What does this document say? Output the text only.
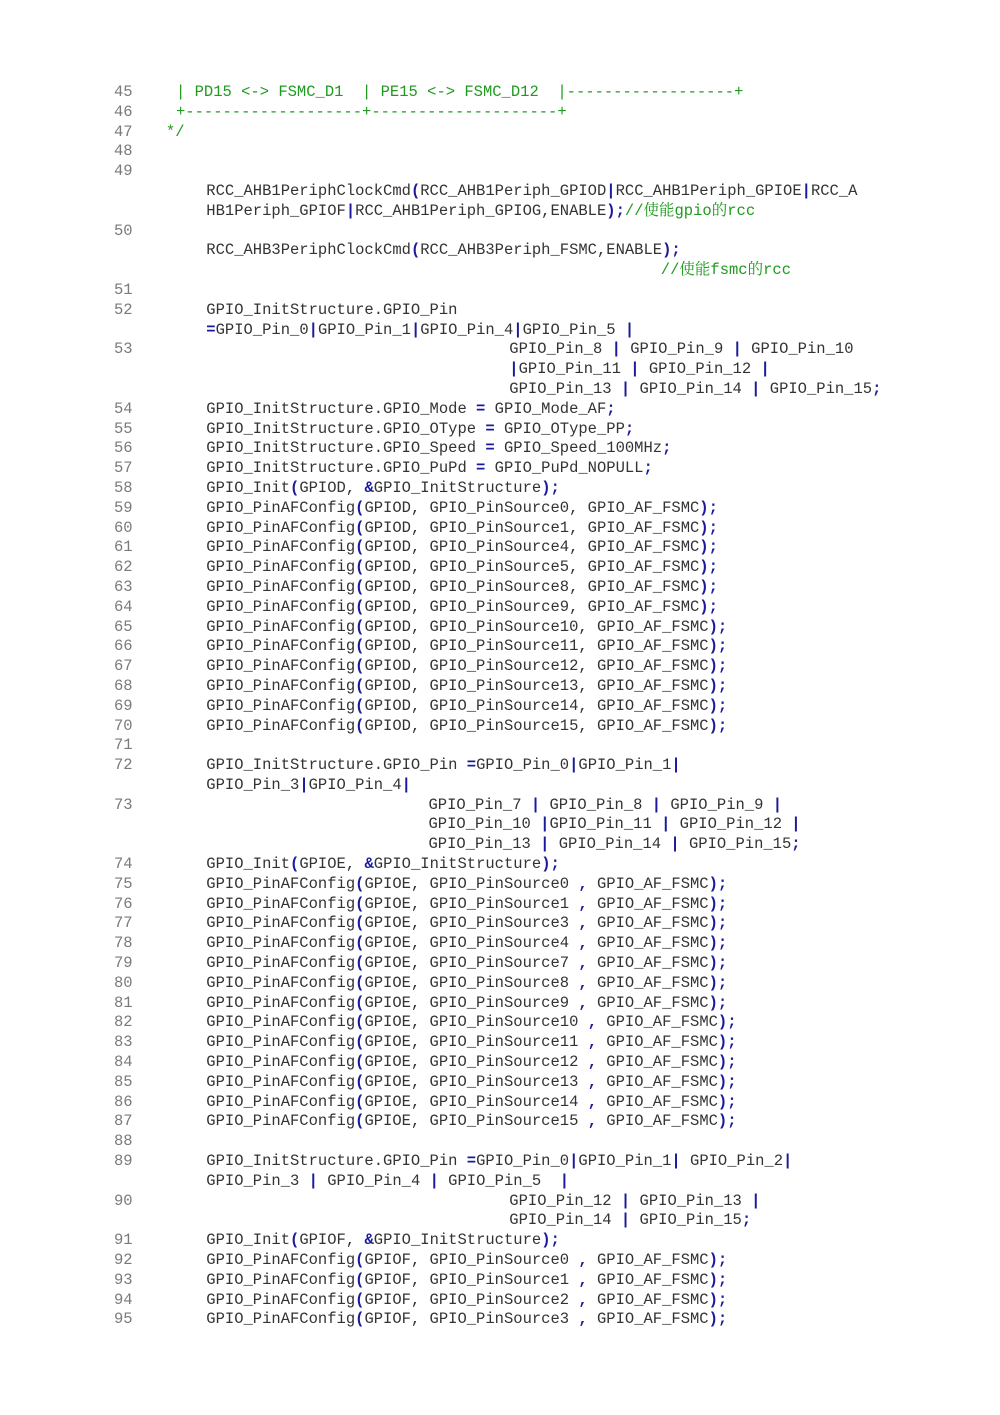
45	| PD15 <-> FSMC_D1  | PE15 <-> FSMC_D12  |------------------+
46	+-------------------+--------------------+
47	*/
48
49
RCC_AHB1PeriphClockCmd(RCC_AHB1Periph_GPIOD|RCC_AHB1Periph_GPIOE|RCC_A
HB1Periph_GPIOF|RCC_AHB1Periph_GPIOG,ENABLE);//使能gpio的rcc
50
RCC_AHB3PeriphClockCmd(RCC_AHB3Periph_FSMC,ENABLE);
//使能fsmc的rcc
51
52	GPIO_InitStructure.GPIO_Pin
=GPIO_Pin_0|GPIO_Pin_1|GPIO_Pin_4|GPIO_Pin_5 |
53	GPIO_Pin_8 | GPIO_Pin_9 | GPIO_Pin_10
|GPIO_Pin_11 | GPIO_Pin_12 |
GPIO_Pin_13 | GPIO_Pin_14 | GPIO_Pin_15;
54	GPIO_InitStructure.GPIO_Mode = GPIO_Mode_AF;
55	GPIO_InitStructure.GPIO_OType = GPIO_OType_PP;
56	GPIO_InitStructure.GPIO_Speed = GPIO_Speed_100MHz;
57	GPIO_InitStructure.GPIO_PuPd = GPIO_PuPd_NOPULL;
58	GPIO_Init(GPIOD, &GPIO_InitStructure);
59	GPIO_PinAFConfig(GPIOD, GPIO_PinSource0, GPIO_AF_FSMC);
60	GPIO_PinAFConfig(GPIOD, GPIO_PinSource1, GPIO_AF_FSMC);
61	GPIO_PinAFConfig(GPIOD, GPIO_PinSource4, GPIO_AF_FSMC);
62	GPIO_PinAFConfig(GPIOD, GPIO_PinSource5, GPIO_AF_FSMC);
63	GPIO_PinAFConfig(GPIOD, GPIO_PinSource8, GPIO_AF_FSMC);
64	GPIO_PinAFConfig(GPIOD, GPIO_PinSource9, GPIO_AF_FSMC);
65	GPIO_PinAFConfig(GPIOD, GPIO_PinSource10, GPIO_AF_FSMC);
66	GPIO_PinAFConfig(GPIOD, GPIO_PinSource11, GPIO_AF_FSMC);
67	GPIO_PinAFConfig(GPIOD, GPIO_PinSource12, GPIO_AF_FSMC);
68	GPIO_PinAFConfig(GPIOD, GPIO_PinSource13, GPIO_AF_FSMC);
69	GPIO_PinAFConfig(GPIOD, GPIO_PinSource14, GPIO_AF_FSMC);
70	GPIO_PinAFConfig(GPIOD, GPIO_PinSource15, GPIO_AF_FSMC);
71
72	GPIO_InitStructure.GPIO_Pin =GPIO_Pin_0|GPIO_Pin_1|
GPIO_Pin_3|GPIO_Pin_4|
73	GPIO_Pin_7 | GPIO_Pin_8 | GPIO_Pin_9 |
GPIO_Pin_10 |GPIO_Pin_11 | GPIO_Pin_12 |
GPIO_Pin_13 | GPIO_Pin_14 | GPIO_Pin_15;
74	GPIO_Init(GPIOE, &GPIO_InitStructure);
75	GPIO_PinAFConfig(GPIOE, GPIO_PinSource0 , GPIO_AF_FSMC);
76	GPIO_PinAFConfig(GPIOE, GPIO_PinSource1 , GPIO_AF_FSMC);
77	GPIO_PinAFConfig(GPIOE, GPIO_PinSource3 , GPIO_AF_FSMC);
78	GPIO_PinAFConfig(GPIOE, GPIO_PinSource4 , GPIO_AF_FSMC);
79	GPIO_PinAFConfig(GPIOE, GPIO_PinSource7 , GPIO_AF_FSMC);
80	GPIO_PinAFConfig(GPIOE, GPIO_PinSource8 , GPIO_AF_FSMC);
81	GPIO_PinAFConfig(GPIOE, GPIO_PinSource9 , GPIO_AF_FSMC);
82	GPIO_PinAFConfig(GPIOE, GPIO_PinSource10 , GPIO_AF_FSMC);
83	GPIO_PinAFConfig(GPIOE, GPIO_PinSource11 , GPIO_AF_FSMC);
84	GPIO_PinAFConfig(GPIOE, GPIO_PinSource12 , GPIO_AF_FSMC);
85	GPIO_PinAFConfig(GPIOE, GPIO_PinSource13 , GPIO_AF_FSMC);
86	GPIO_PinAFConfig(GPIOE, GPIO_PinSource14 , GPIO_AF_FSMC);
87	GPIO_PinAFConfig(GPIOE, GPIO_PinSource15 , GPIO_AF_FSMC);
88
89	GPIO_InitStructure.GPIO_Pin =GPIO_Pin_0|GPIO_Pin_1| GPIO_Pin_2|
GPIO_Pin_3 | GPIO_Pin_4 | GPIO_Pin_5  |
90	GPIO_Pin_12 | GPIO_Pin_13 |
GPIO_Pin_14 | GPIO_Pin_15;
91	GPIO_Init(GPIOF, &GPIO_InitStructure);
92	GPIO_PinAFConfig(GPIOF, GPIO_PinSource0 , GPIO_AF_FSMC);
93	GPIO_PinAFConfig(GPIOF, GPIO_PinSource1 , GPIO_AF_FSMC);
94	GPIO_PinAFConfig(GPIOF, GPIO_PinSource2 , GPIO_AF_FSMC);
95	GPIO_PinAFConfig(GPIOF, GPIO_PinSource3 , GPIO_AF_FSMC);
